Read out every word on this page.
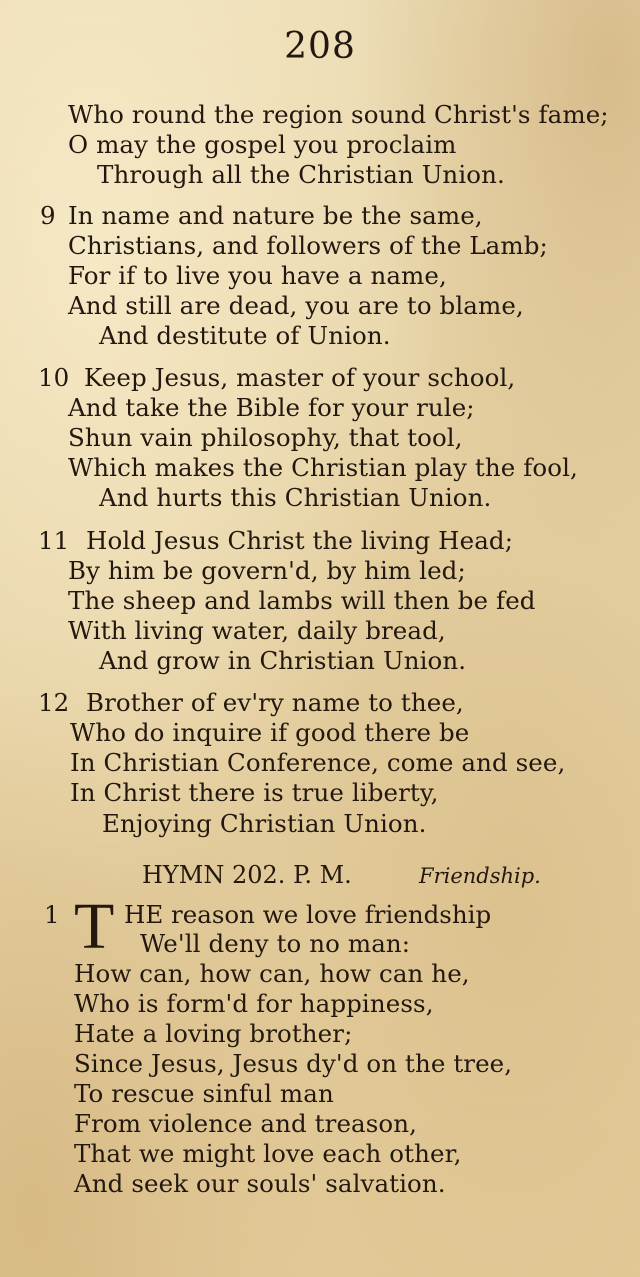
208
Who round the region sound Christ's fame;
O may the gospel you proclaim
Through all the Christian Union.
9 In name and nature be the same,
Christians, and followers of the Lamb;
For if to live you have a name,
And still are dead, you are to blame,
And destitute of Union.
10 Keep Jesus, master of your school,
And take the Bible for your rule;
Shun vain philosophy, that tool,
Which makes the Christian play the fool,
And hurts this Christian Union.
11 Hold Jesus Christ the living Head;
By him be govern'd, by him led;
The sheep and lambs will then be fed
With living water, daily bread,
And grow in Christian Union.
12 Brother of ev'ry name to thee,
Who do inquire if good there be
In Christian Conference, come and see,
In Christ there is true liberty,
Enjoying Christian Union.
HYMN 202. P. M.	Friendship.
1 T HE reason we love friendship
We'll deny to no man:
How can, how can, how can he,
Who is form'd for happiness,
Hate a loving brother;
Since Jesus, Jesus dy'd on the tree,
To rescue sinful man
From violence and treason,
That we might love each other,
And seek our souls' salvation.
